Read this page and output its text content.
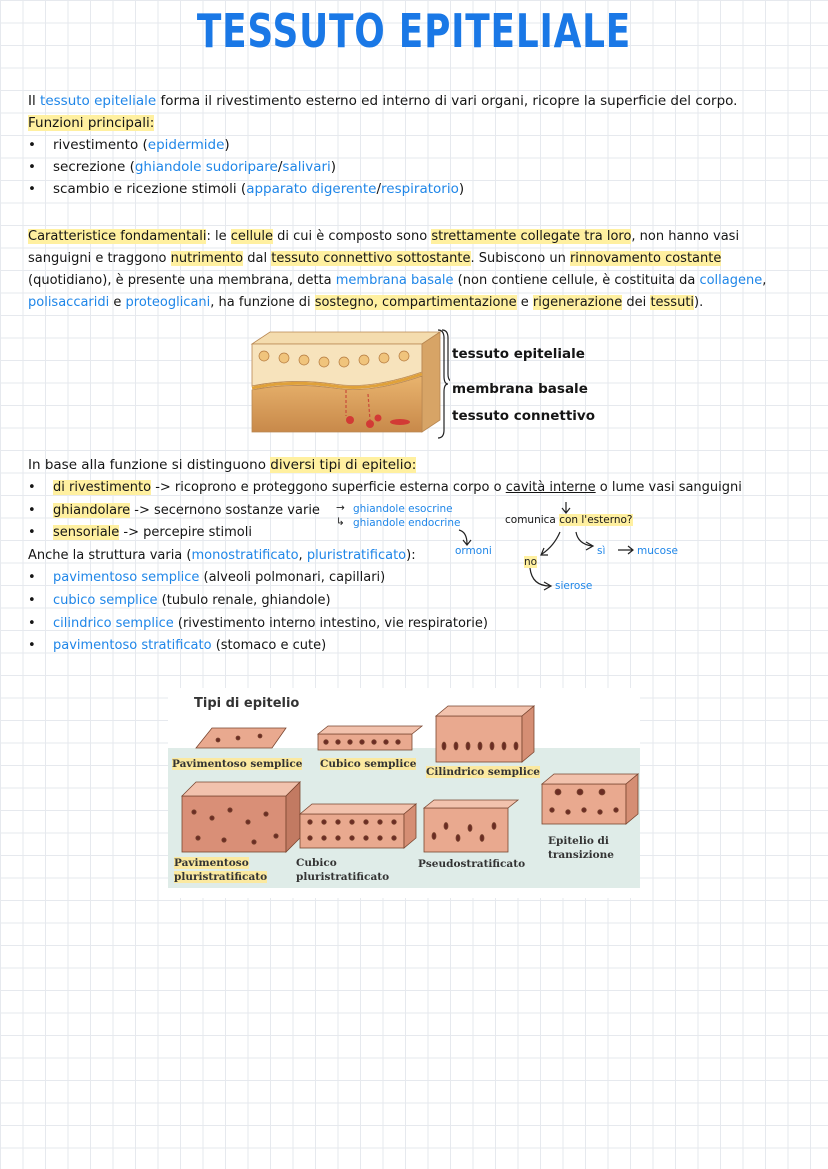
TESSUTO EPITELIALE
Il tessuto epiteliale forma il rivestimento esterno ed interno di vari organi, ricopre la superficie del corpo.
Funzioni principali:
• rivestimento (epidermide)
• secrezione (ghiandole sudoripare/salivari)
• scambio e ricezione stimoli (apparato digerente/respiratorio)
Caratteristice fondamentali: le cellule di cui è composto sono strettamente collegate tra loro, non hanno vasi
sanguigni e traggono nutrimento dal tessuto connettivo sottostante. Subiscono un rinnovamento costante
(quotidiano), è presente una membrana, detta membrana basale (non contiene cellule, è costituita da collagene,
polisaccaridi e proteoglicani, ha funzione di sostegno, compartimentazione e rigenerazione dei tessuti).
tessuto epiteliale
membrana basale
tessuto connettivo
In base alla funzione si distinguono diversi tipi di epitelio:
• di rivestimento -> ricoprono e proteggono superficie esterna corpo o cavità interne o lume vasi sanguigni
• ghiandolare -> secernono sostanze varie
• sensoriale -> percepire stimoli
→ ghiandole esocrine
↳ ghiandole endocrine
ormoni
comunica con l'esterno?
sì	mucose
no
sierose
Anche la struttura varia (monostratificato, pluristratificato):
• pavimentoso semplice (alveoli polmonari, capillari)
• cubico semplice (tubulo renale, ghiandole)
• cilindrico semplice (rivestimento interno intestino, vie respiratorie)
• pavimentoso stratificato (stomaco e cute)
Tipi di epitelio
Pavimentoso semplice Cubico semplice
Cilindrico semplice
Pavimentoso
pluristratificato
Cubico
pluristratificato
Pseudostratificato
Epitelio di
transizione
